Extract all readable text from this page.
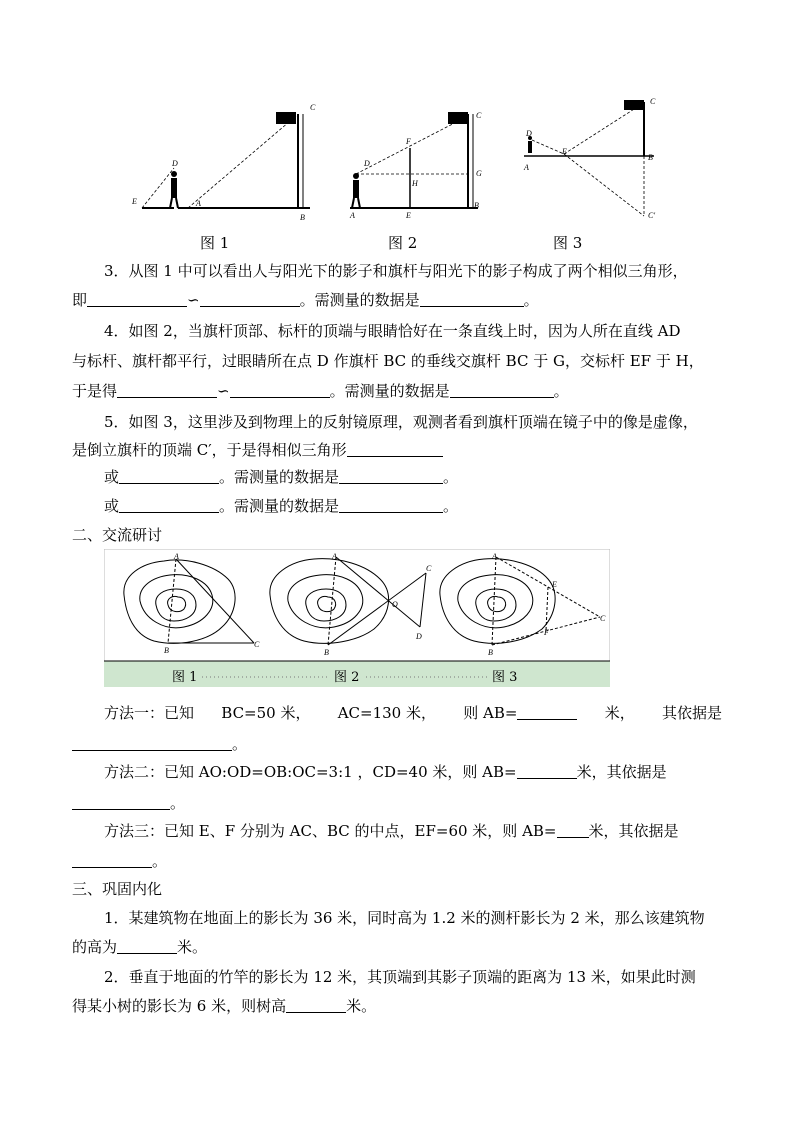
C
D
E	A
B
C
F
D
G
H
A	E
B
C
D
E
A
B
C'
图 1	图 2	图 3
3．从图 1 中可以看出人与阳光下的影子和旗杆与阳光下的影子构成了两个相似三角形，
即	∽	。需测量的数据是	。
4．如图 2，当旗杆顶部、标杆的顶端与眼睛恰好在一条直线上时，因为人所在直线 AD
与标杆、旗杆都平行，过眼睛所在点 D 作旗杆 BC 的垂线交旗杆 BC 于 G，交标杆 EF 于 H，
于是得	∽	。需测量的数据是	。
5．如图 3，这里涉及到物理上的反射镜原理，观测者看到旗杆顶端在镜子中的像是虚像，
是倒立旗杆的顶端 C′，于是得相似三角形
或	。需测量的数据是	。
或	。需测量的数据是	。
二、交流研讨
A
B
C
A
B
O
C
D
A
B
E
F
C
图 1	图 2	图 3
方法一：已知 BC=50 米， AC=130 米， 则 AB=	米， 其依据是
。
方法二：已知 AO:OD=OB:OC=3:1 ，CD=40 米，则 AB=	米，其依据是
。
方法三：已知 E、F 分别为 AC、BC 的中点，EF=60 米，则 AB= 米，其依据是
。
三、巩固内化
1．某建筑物在地面上的影长为 36 米，同时高为 1.2 米的测杆影长为 2 米，那么该建筑物
的高为	米。
2．垂直于地面的竹竿的影长为 12 米，其顶端到其影子顶端的距离为 13 米，如果此时测
得某小树的影长为 6 米，则树高	米。
